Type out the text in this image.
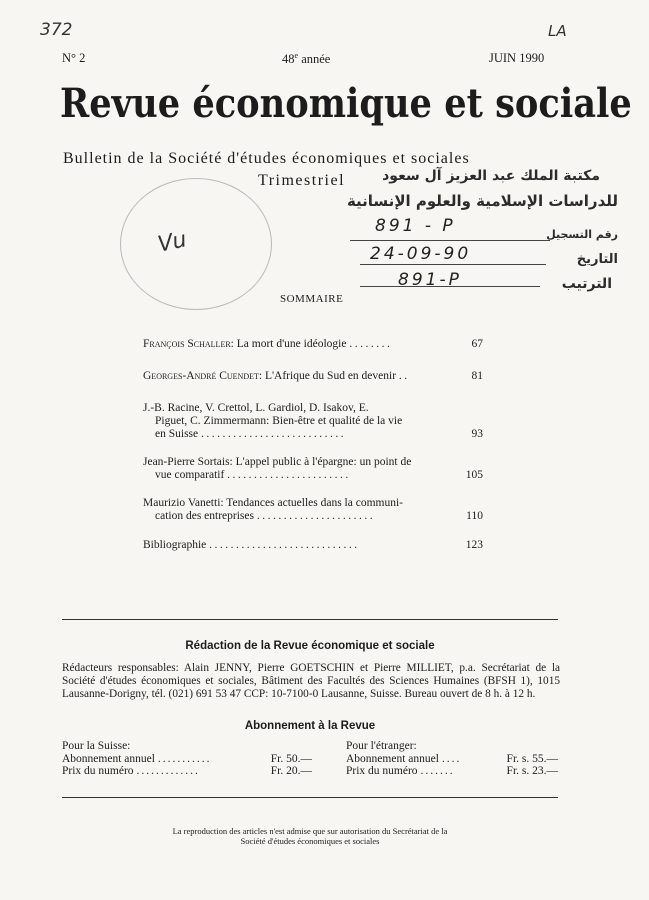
372	LA
N° 2	48e année	JUIN 1990
Revue économique et sociale
Bulletin de la Société d'études économiques et sociales
Trimestriel
Vu
مكتبة الملك عبد العزيز آل سعود
للدراسات الإسلامية والعلوم الإنسانية
رقم التسجيل
891 - P
التاريخ
24-09-90
الترتيب
891-P
SOMMAIRE
François Schaller: La mort d'une idéologie ........	67
Georges-André Cuendet: L'Afrique du Sud en devenir ..	81
J.-B. Racine, V. Crettol, L. Gardiol, D. Isakov, E.
Piguet, C. Zimmermann: Bien-être et qualité de la vie
en Suisse ...........................	93
Jean-Pierre Sortais: L'appel public à l'épargne: un point de
vue comparatif .......................	105
Maurizio Vanetti: Tendances actuelles dans la communi-
cation des entreprises ......................	110
Bibliographie ............................	123
Rédaction de la Revue économique et sociale
Rédacteurs responsables: Alain JENNY, Pierre GOETSCHIN et Pierre MILLIET, p.a. Secrétariat de la Société d'études économiques et sociales, Bâtiment des Facultés des Sciences Humaines (BFSH 1), 1015 Lausanne-Dorigny, tél. (021) 691 53 47 CCP: 10-7100-0 Lausanne, Suisse. Bureau ouvert de 8 h. à 12 h.
Abonnement à la Revue
Pour la Suisse:
Abonnement annuel ...........	Fr. 50.—
Prix du numéro .............	Fr. 20.—
Pour l'étranger:
Abonnement annuel ....	Fr. s. 55.—
Prix du numéro .......	Fr. s. 23.—
La reproduction des articles n'est admise que sur autorisation du Secrétariat de la
Société d'études économiques et sociales
